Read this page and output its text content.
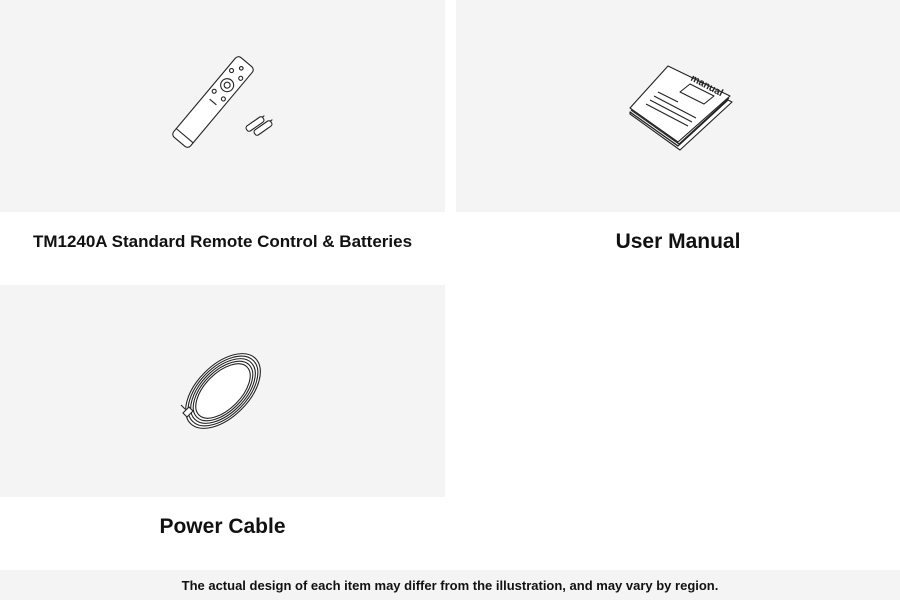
TM1240A Standard Remote Control & Batteries
manual
User Manual
Power Cable
The actual design of each item may differ from the illustration, and may vary by region.
